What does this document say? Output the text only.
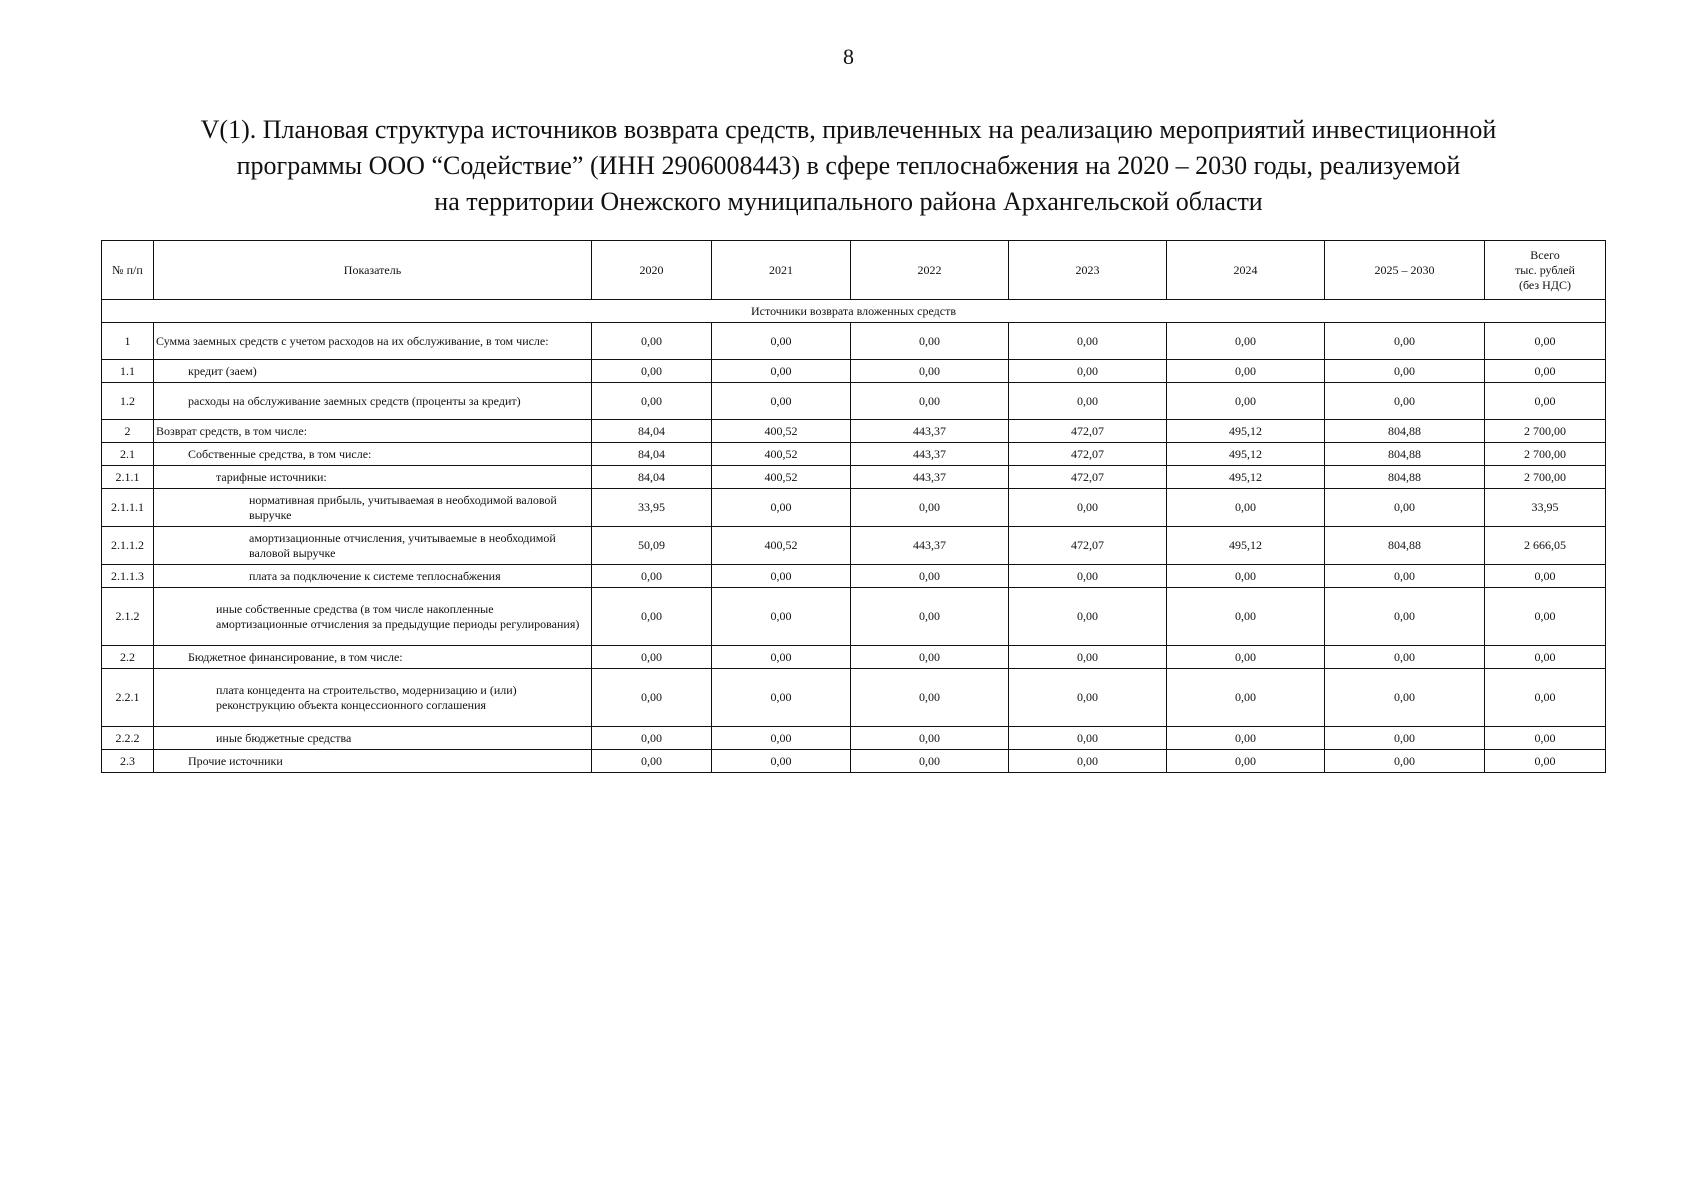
8
V(1). Плановая структура источников возврата средств, привлеченных на реализацию мероприятий инвестиционной
программы ООО “Содействие” (ИНН 2906008443) в сфере теплоснабжения на 2020 – 2030 годы, реализуемой
на территории Онежского муниципального района Архангельской области
№ п/п	Показатель	2020	2021	2022	2023	2024	2025 – 2030	Всего
тыс. рублей
(без НДС)

Источники возврата вложенных средств								
1	Сумма заемных средств с учетом расходов на их обслуживание, в том числе:	0,00	0,00	0,00	0,00	0,00	0,00	0,00
1.1	кредит (заем)	0,00	0,00	0,00	0,00	0,00	0,00	0,00
1.2	расходы на обслуживание заемных средств (проценты за кредит)	0,00	0,00	0,00	0,00	0,00	0,00	0,00
2	Возврат средств, в том числе:	84,04	400,52	443,37	472,07	495,12	804,88	2 700,00
2.1	Собственные средства, в том числе:	84,04	400,52	443,37	472,07	495,12	804,88	2 700,00
2.1.1	тарифные источники:	84,04	400,52	443,37	472,07	495,12	804,88	2 700,00
2.1.1.1	нормативная прибыль, учитываемая в необходимой валовой выручке	33,95	0,00	0,00	0,00	0,00	0,00	33,95
2.1.1.2	амортизационные отчисления, учитываемые в необходимой валовой выручке	50,09	400,52	443,37	472,07	495,12	804,88	2 666,05
2.1.1.3	плата за подключение к системе теплоснабжения	0,00	0,00	0,00	0,00	0,00	0,00	0,00
2.1.2	иные собственные средства (в том числе накопленные амортизационные отчисления за предыдущие периоды регулирования)	0,00	0,00	0,00	0,00	0,00	0,00	0,00
2.2	Бюджетное финансирование, в том числе:	0,00	0,00	0,00	0,00	0,00	0,00	0,00
2.2.1	плата концедента на строительство, модернизацию и (или) реконструкцию объекта концессионного соглашения	0,00	0,00	0,00	0,00	0,00	0,00	0,00
2.2.2	иные бюджетные средства	0,00	0,00	0,00	0,00	0,00	0,00	0,00
2.3	Прочие источники	0,00	0,00	0,00	0,00	0,00	0,00	0,00
